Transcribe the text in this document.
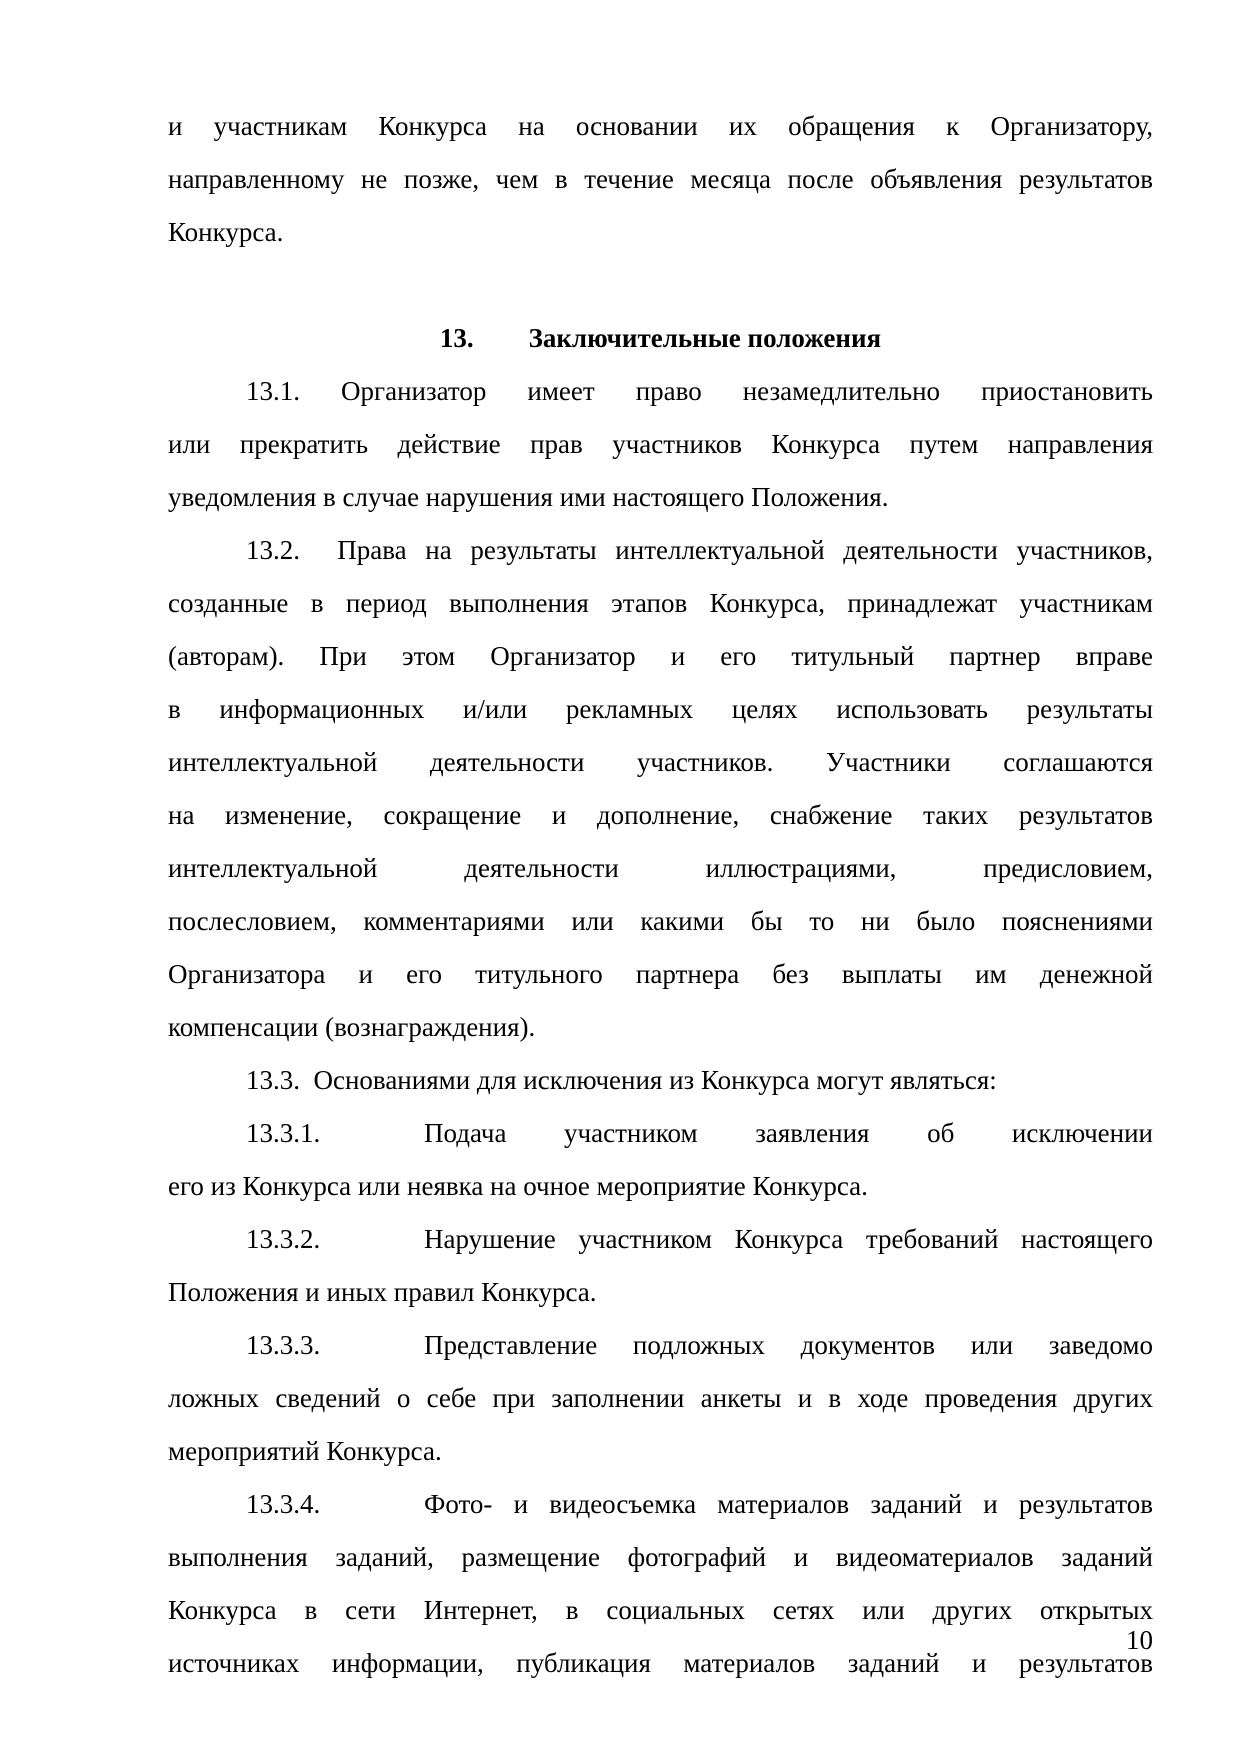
и участникам Конкурса на основании их обращения к Организатору,
направленному не позже, чем в течение месяца после объявления результатов
Конкурса.
13. Заключительные положения
13.1. Организатор имеет право незамедлительно приостановить
или прекратить действие прав участников Конкурса путем направления
уведомления в случае нарушения ими настоящего Положения.
13.2.  Права на результаты интеллектуальной деятельности участников,
созданные в период выполнения этапов Конкурса, принадлежат участникам
(авторам). При этом Организатор и его титульный партнер вправе
в информационных и/или рекламных целях использовать результаты
интеллектуальной деятельности участников. Участники соглашаются
на изменение, сокращение и дополнение, снабжение таких результатов
интеллектуальной деятельности иллюстрациями, предисловием,
послесловием, комментариями или какими бы то ни было пояснениями
Организатора и его титульного партнера без выплаты им денежной
компенсации (вознаграждения).
13.3.  Основаниями для исключения из Конкурса могут являться:
13.3.1.	Подача участником заявления об исключении
его из Конкурса или неявка на очное мероприятие Конкурса.
13.3.2.	Нарушение участником Конкурса требований настоящего
Положения и иных правил Конкурса.
13.3.3.	Представление подложных документов или заведомо
ложных сведений о себе при заполнении анкеты и в ходе проведения других
мероприятий Конкурса.
13.3.4.	Фото- и видеосъемка материалов заданий и результатов
выполнения заданий, размещение фотографий и видеоматериалов заданий
Конкурса в сети Интернет, в социальных сетях или других открытых
источниках информации, публикация материалов заданий и результатов
10
